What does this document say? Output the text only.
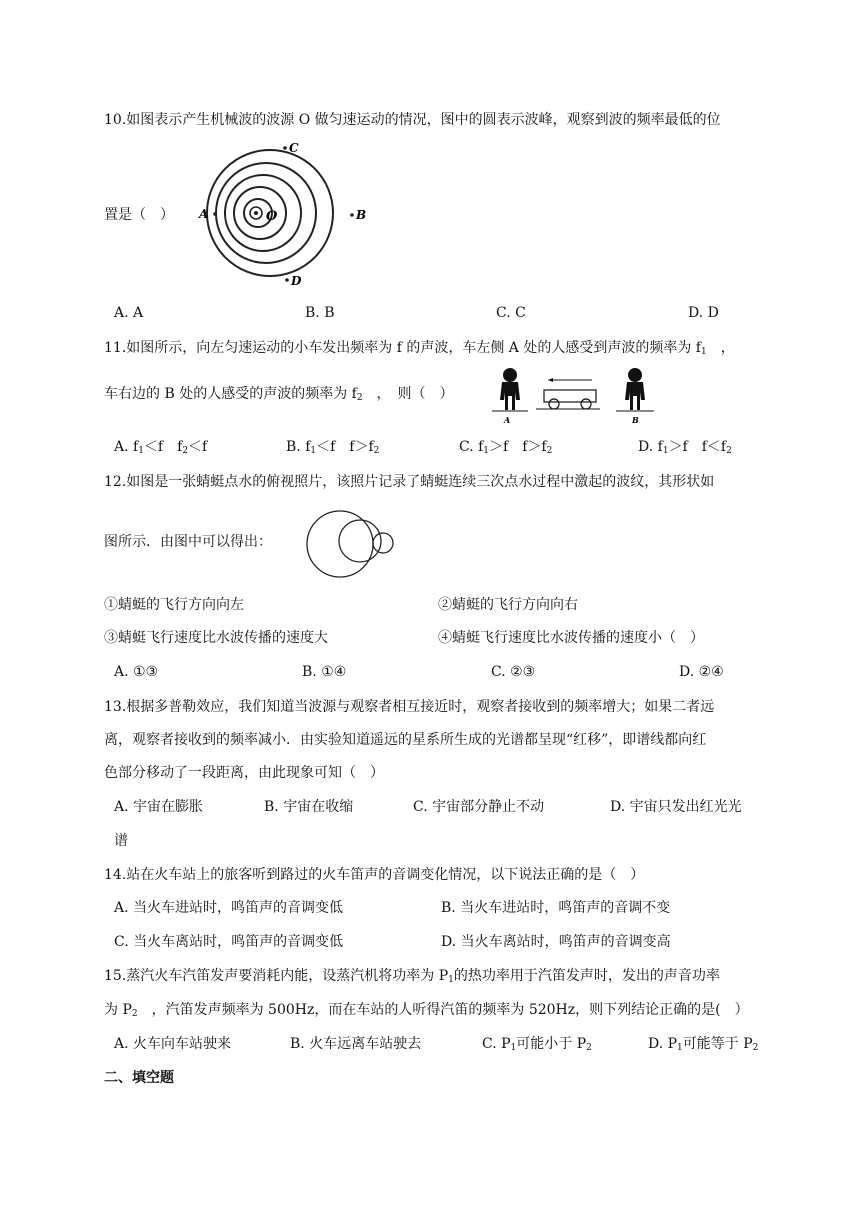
10.如图表示产生机械波的波源 O 做匀速运动的情况，图中的圆表示波峰，观察到波的频率最低的位
置是（　）
C
A	O	B
D
A. A	B. B	C. C	D. D
11.如图所示，向左匀速运动的小车发出频率为 f 的声波，车左侧 A 处的人感受到声波的频率为 $f_1$　，
车右边的 B 处的人感受的声波的频率为 $f_2$　，　则（　）
A	B
A. $f_1<f$　$f_2<f$	B. $f_1<f$　$f>f_2$	C. $f_1>f$　$f>f_2$	D. $f_1>f$　$f<f_2$
12.如图是一张蜻蜓点水的俯视照片，该照片记录了蜻蜓连续三次点水过程中激起的波纹，其形状如
图所示．由图中可以得出：
①蜻蜓的飞行方向向左	②蜻蜓的飞行方向向右
③蜻蜓飞行速度比水波传播的速度大	④蜻蜓飞行速度比水波传播的速度小（　）
A. ①③	B. ①④	C. ②③	D. ②④
13.根据多普勒效应，我们知道当波源与观察者相互接近时，观察者接收到的频率增大；如果二者远
离，观察者接收到的频率减小．由实验知道遥远的星系所生成的光谱都呈现“红移”，即谱线都向红
色部分移动了一段距离，由此现象可知（　）
A. 宇宙在膨胀	B. 宇宙在收缩	C. 宇宙部分静止不动	D. 宇宙只发出红光光
谱
14.站在火车站上的旅客听到路过的火车笛声的音调变化情况，以下说法正确的是（　）
A. 当火车进站时，鸣笛声的音调变低	B. 当火车进站时，鸣笛声的音调不变
C. 当火车离站时，鸣笛声的音调变低	D. 当火车离站时，鸣笛声的音调变高
15.蒸汽火车汽笛发声要消耗内能，设蒸汽机将功率为 $P_1$的热功率用于汽笛发声时，发出的声音功率
为 $P_2$　，汽笛发声频率为 500Hz，而在车站的人听得汽笛的频率为 520Hz，则下列结论正确的是(　）
A. 火车向车站驶来	B. 火车远离车站驶去	C. $P_1$可能小于 $P_2$	D. $P_1$可能等于 $P_2$
二、填空题
